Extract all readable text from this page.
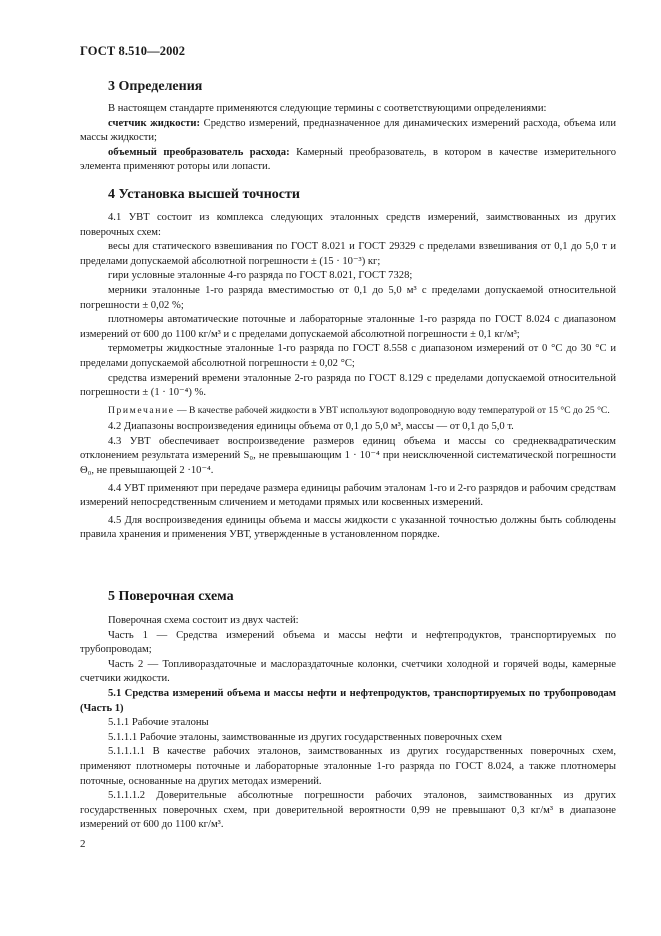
ГОСТ 8.510—2002
3 Определения

В настоящем стандарте применяются следующие термины с соответствующими определениями:

счетчик жидкости: Средство измерений, предназначенное для динамических измерений расхода, объема или массы жидкости;

объемный преобразователь расхода: Камерный преобразователь, в котором в качестве измерительного элемента применяют роторы или лопасти.

4 Установка высшей точности

4.1 УВТ состоит из комплекса следующих эталонных средств измерений, заимствованных из других поверочных схем:

весы для статического взвешивания по ГОСТ 8.021 и ГОСТ 29329 с пределами взвешивания от 0,1 до 5,0 т и пределами допускаемой абсолютной погрешности ± (15 · 10⁻³) кг;

гири условные эталонные 4-го разряда по ГОСТ 8.021, ГОСТ 7328;

мерники эталонные 1-го разряда вместимостью от 0,1 до 5,0 м³ с пределами допускаемой относительной погрешности ± 0,02 %;

плотномеры автоматические поточные и лабораторные эталонные 1-го разряда по ГОСТ 8.024 с диапазоном измерений от 600 до 1100 кг/м³ и с пределами допускаемой абсолютной погрешности ± 0,1 кг/м³;

термометры жидкостные эталонные 1-го разряда по ГОСТ 8.558 с диапазоном измерений от 0 °С до 30 °С и пределами допускаемой абсолютной погрешности ± 0,02 °С;

средства измерений времени эталонные 2-го разряда по ГОСТ 8.129 с пределами допускаемой относительной погрешности ± (1 · 10⁻⁴) %.

Примечание — В качестве рабочей жидкости в УВТ используют водопроводную воду температурой от 15 °С до 25 °С.

4.2 Диапазоны воспроизведения единицы объема от 0,1 до 5,0 м³, массы — от 0,1 до 5,0 т.

4.3 УВТ обеспечивает воспроизведение размеров единиц объема и массы со среднеквадратическим отклонением результата измерений S₀, не превышающим 1 · 10⁻⁴ при неисключенной систематической погрешности Θ₀, не превышающей 2 ·10⁻⁴.

4.4 УВТ применяют при передаче размера единицы рабочим эталонам 1-го и 2-го разрядов и рабочим средствам измерений непосредственным сличением и методами прямых или косвенных измерений.

4.5 Для воспроизведения единицы объема и массы жидкости с указанной точностью должны быть соблюдены правила хранения и применения УВТ, утвержденные в установленном порядке.

5 Поверочная схема

Поверочная схема состоит из двух частей:

Часть 1 — Средства измерений объема и массы нефти и нефтепродуктов, транспортируемых по трубопроводам;

Часть 2 — Топливораздаточные и маслораздаточные колонки, счетчики холодной и горячей воды, камерные счетчики жидкости.

5.1 Средства измерений объема и массы нефти и нефтепродуктов, транспортируемых по трубопроводам (Часть 1)

5.1.1 Рабочие эталоны

5.1.1.1 Рабочие эталоны, заимствованные из других государственных поверочных схем

5.1.1.1.1 В качестве рабочих эталонов, заимствованных из других государственных поверочных схем, применяют плотномеры поточные и лабораторные эталонные 1-го разряда по ГОСТ 8.024, а также плотномеры поточные, основанные на других методах измерений.

5.1.1.1.2 Доверительные абсолютные погрешности рабочих эталонов, заимствованных из других государственных поверочных схем, при доверительной вероятности 0,99 не превышают 0,3 кг/м³ в диапазоне измерений от 600 до 1100 кг/м³.

2
